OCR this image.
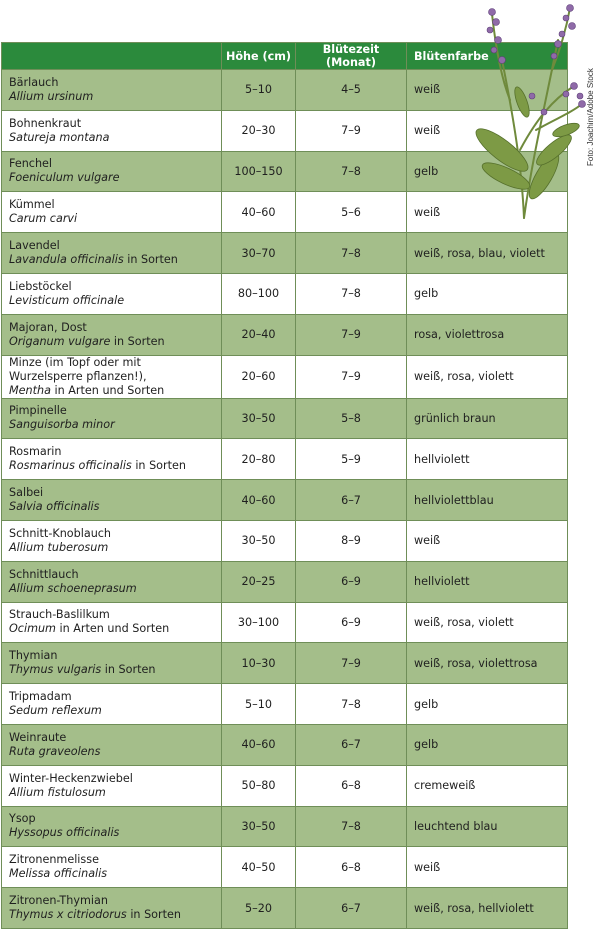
	Höhe (cm)	Blütezeit (Monat)	Blütenfarbe

Bärlauch
Allium ursinum	5–10	4–5	weiß

Bohnenkraut
Satureja montana	20–30	7–9	weiß

Fenchel
Foeniculum vulgare	100–150	7–8	gelb

Kümmel
Carum carvi	40–60	5–6	weiß

Lavendel
Lavandula officinalis in Sorten	30–70	7–8	weiß, rosa, blau, violett

Liebstöckel
Levisticum officinale	80–100	7–8	gelb

Majoran, Dost
Origanum vulgare in Sorten	20–40	7–9	rosa, violettrosa

Minze (im Topf oder mit Wurzelsperre pflanzen!),
Mentha in Arten und Sorten	20–60	7–9	weiß, rosa, violett

Pimpinelle
Sanguisorba minor	30–50	5–8	grünlich braun

Rosmarin
Rosmarinus officinalis in Sorten	20–80	5–9	hellviolett

Salbei
Salvia officinalis	40–60	6–7	hellviolettblau

Schnitt-Knoblauch
Allium tuberosum	30–50	8–9	weiß

Schnittlauch
Allium schoeneprasum	20–25	6–9	hellviolett

Strauch-Baslilkum
Ocimum in Arten und Sorten	30–100	6–9	weiß, rosa, violett

Thymian
Thymus vulgaris in Sorten	10–30	7–9	weiß, rosa, violettrosa

Tripmadam
Sedum reflexum	5–10	7–8	gelb

Weinraute
Ruta graveolens	40–60	6–7	gelb

Winter-Heckenzwiebel
Allium fistulosum	50–80	6–8	cremeweiß

Ysop
Hyssopus officinalis	30–50	7–8	leuchtend blau

Zitronenmelisse
Melissa officinalis	40–50	6–8	weiß

Zitronen-Thymian
Thymus x citriodorus in Sorten	5–20	6–7	weiß, rosa, hellviolett
Foto: Joachim/Adobe Stock
